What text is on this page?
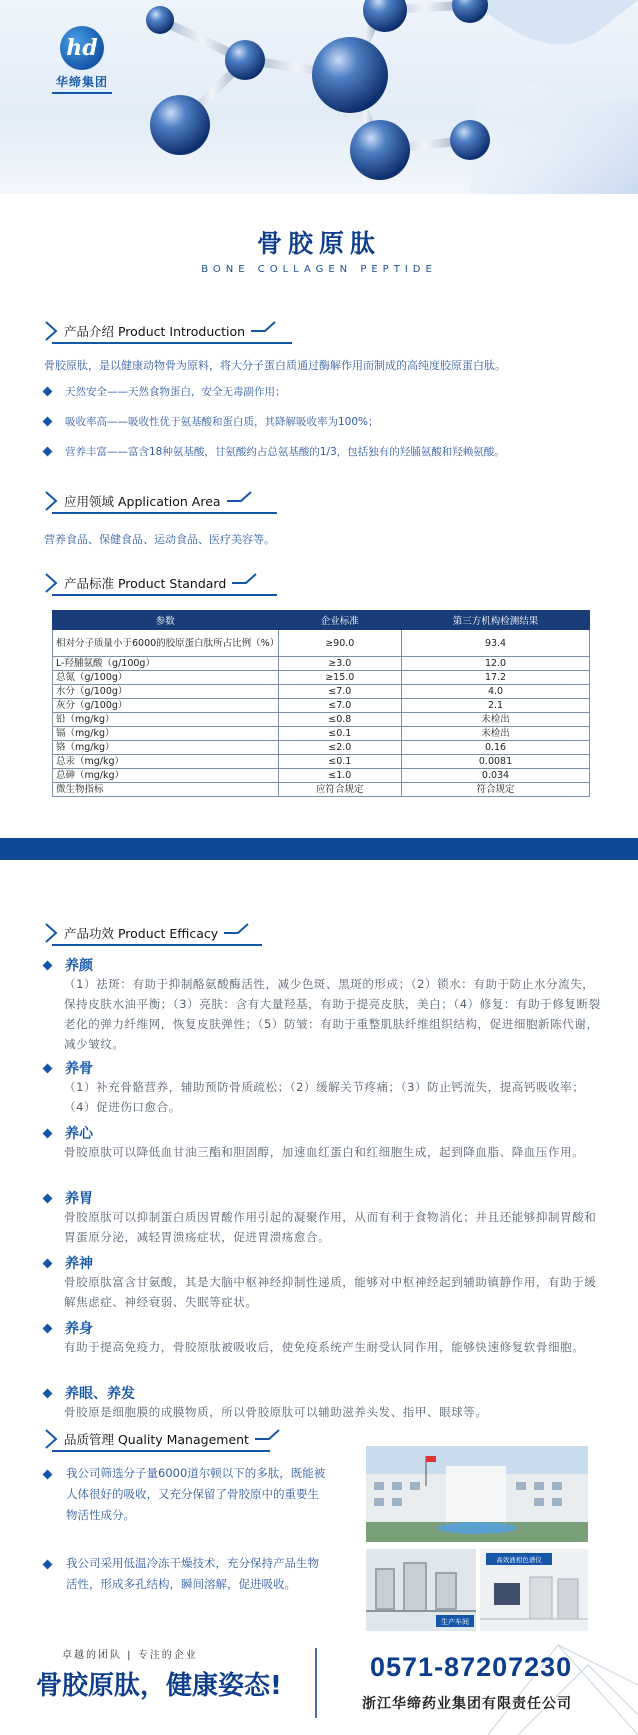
hd
华缔集团
骨胶原肽
BONE COLLAGEN PEPTIDE
产品介绍 Product Introduction
骨胶原肽，是以健康动物骨为原料，将大分子蛋白质通过酶解作用而制成的高纯度胶原蛋白肽。
天然安全——天然食物蛋白，安全无毒副作用；
吸收率高——吸收性优于氨基酸和蛋白质，其降解吸收率为100%；
营养丰富——富含18种氨基酸，甘氨酸约占总氨基酸的1/3，包括独有的羟脯氨酸和羟赖氨酸。
应用领域 Application Area
营养食品、保健食品、运动食品、医疗美容等。
产品标准 Product Standard
参数	企业标准	第三方机构检测结果
相对分子质量小于6000的胶原蛋白肽所占比例（%）	≥90.0	93.4
L-羟脯氨酸（g/100g）	≥3.0	12.0
总氮（g/100g）	≥15.0	17.2
水分（g/100g）	≤7.0	4.0
灰分（g/100g）	≤7.0	2.1
铅（mg/kg）	≤0.8	未检出
镉（mg/kg）	≤0.1	未检出
铬（mg/kg）	≤2.0	0.16
总汞（mg/kg）	≤0.1	0.0081
总砷（mg/kg）	≤1.0	0.034
微生物指标	应符合规定	符合规定
产品功效 Product Efficacy
养颜
（1）祛斑：有助于抑制酪氨酸酶活性，减少色斑、黑斑的形成；（2）锁水：有助于防止水分流失，保持皮肤水油平衡；（3）亮肤：含有大量羟基，有助于提亮皮肤，美白；（4）修复：有助于修复断裂老化的弹力纤维网，恢复皮肤弹性；（5）防皱：有助于重整肌肤纤维组织结构，促进细胞新陈代谢，减少皱纹。
养骨
（1）补充骨骼营养，辅助预防骨质疏松；（2）缓解关节疼痛；（3）防止钙流失，提高钙吸收率；（4）促进伤口愈合。
养心
骨胶原肽可以降低血甘油三酯和胆固醇，加速血红蛋白和红细胞生成，起到降血脂、降血压作用。
养胃
骨胶原肽可以抑制蛋白质因胃酸作用引起的凝聚作用，从而有利于食物消化；并且还能够抑制胃酸和胃蛋原分泌，减轻胃溃疡症状，促进胃溃疡愈合。
养神
骨胶原肽富含甘氨酸，其是大脑中枢神经抑制性递质，能够对中枢神经起到辅助镇静作用，有助于缓解焦虑症、神经衰弱、失眠等症状。
养身
有助于提高免疫力，骨胶原肽被吸收后，使免疫系统产生耐受认同作用，能够快速修复软骨细胞。
养眼、养发
骨胶原是细胞膜的成膜物质，所以骨胶原肽可以辅助滋养头发、指甲、眼球等。
品质管理 Quality Management
我公司筛选分子量6000道尔顿以下的多肽，既能被人体很好的吸收，又充分保留了骨胶原中的重要生物活性成分。
我公司采用低温冷冻干燥技术，充分保持产品生物活性，形成多孔结构，瞬间溶解，促进吸收。
生产车间
高效液相色谱仪
卓越的团队 | 专注的企业
骨胶原肽，健康姿态!
0571-87207230
浙江华缔药业集团有限责任公司
